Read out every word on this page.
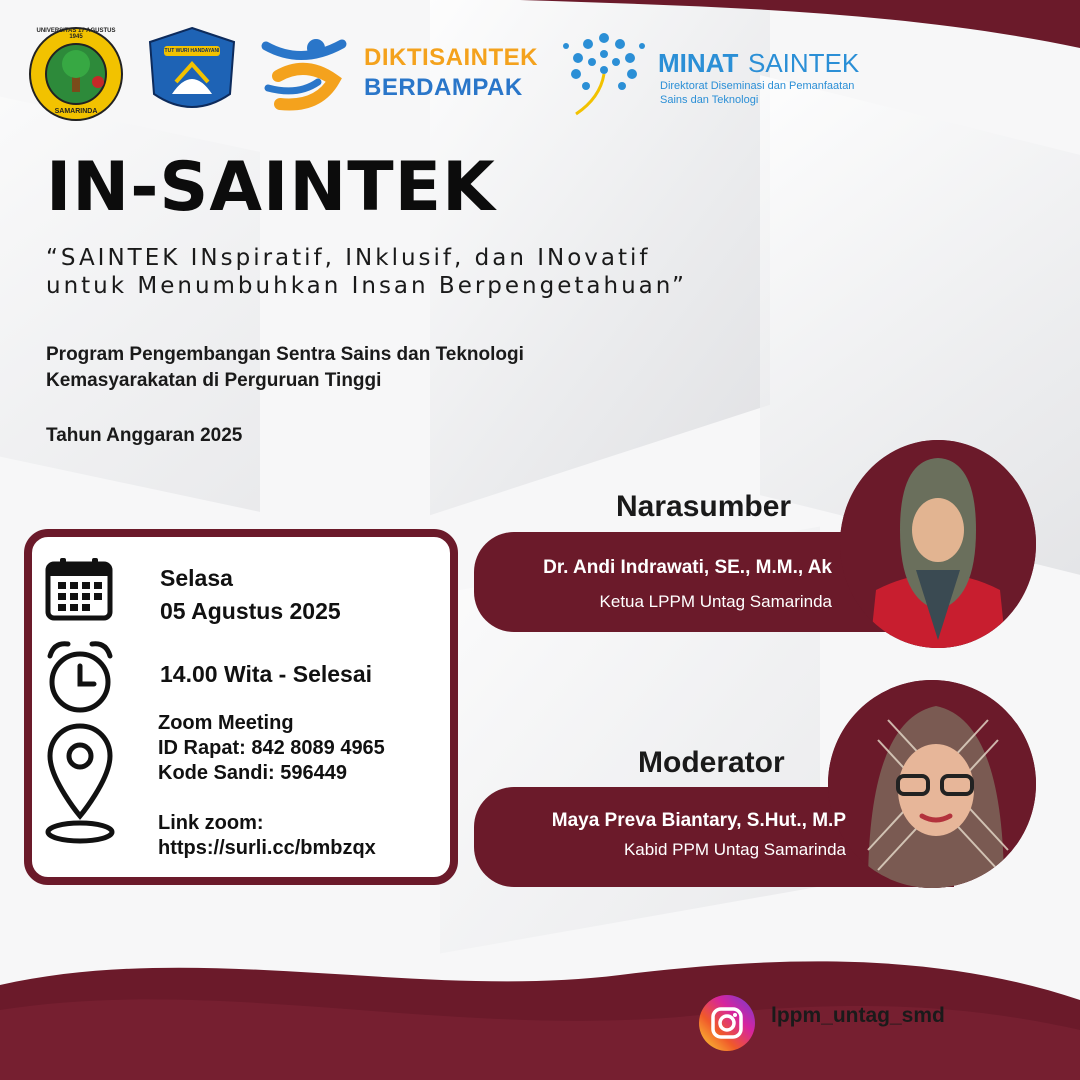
UNIVERSITAS 17 AGUSTUS 1945
SAMARINDA
TUT WURI HANDAYANI	DIKTISAINTEK
BERDAMPAK
MINAT SAINTEK
Direktorat Diseminasi dan Pemanfaatan
Sains dan Teknologi
IN-SAINTEK
“SAINTEK INspiratif, INklusif, dan INovatif
untuk Menumbuhkan Insan Berpengetahuan”
Program Pengembangan Sentra Sains dan Teknologi
Kemasyarakatan di Perguruan Tinggi
Tahun Anggaran 2025
Selasa
05 Agustus 2025
14.00 Wita - Selesai
Zoom Meeting
ID Rapat: 842 8089 4965
Kode Sandi: 596449
Link zoom:
https://surli.cc/bmbzqx
Narasumber
Dr. Andi Indrawati, SE., M.M., Ak
Ketua LPPM Untag Samarinda
Moderator
Maya Preva Biantary, S.Hut., M.P
Kabid PPM Untag Samarinda
lppm_untag_smd
